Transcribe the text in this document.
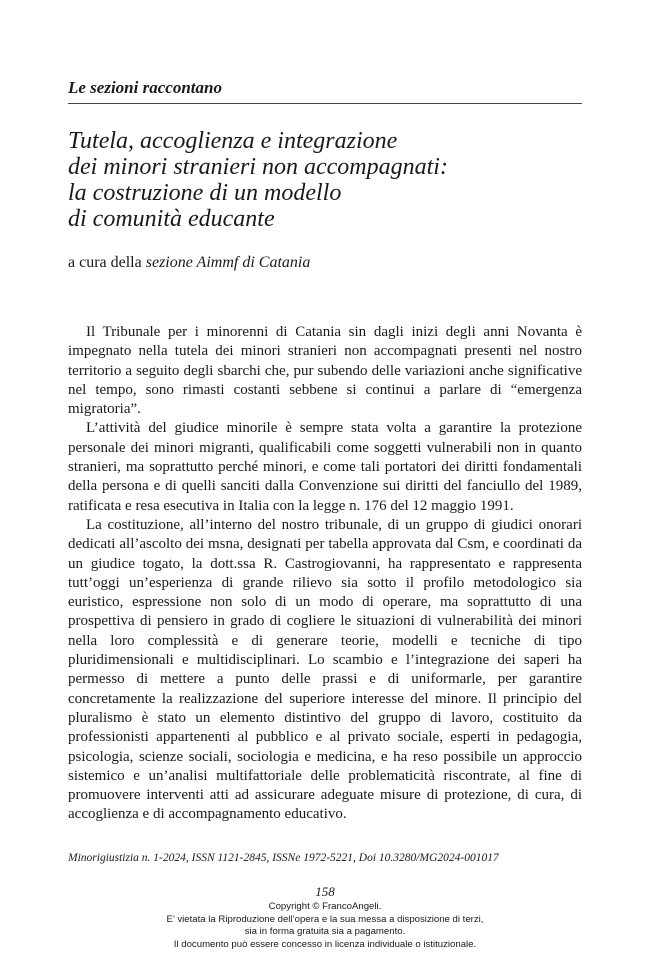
Le sezioni raccontano
Tutela, accoglienza e integrazione
dei minori stranieri non accompagnati:
la costruzione di un modello
di comunità educante

a cura della sezione Aimmf di Catania

Il Tribunale per i minorenni di Catania sin dagli inizi degli anni Novanta è impegnato nella tutela dei minori stranieri non accompagnati presenti nel nostro territorio a seguito degli sbarchi che, pur subendo delle variazioni anche significative nel tempo, sono rimasti costanti sebbene si continui a parlare di “emergenza migratoria”.

L’attività del giudice minorile è sempre stata volta a garantire la protezione personale dei minori migranti, qualificabili come soggetti vulnerabili non in quanto stranieri, ma soprattutto perché minori, e come tali portatori dei diritti fondamentali della persona e di quelli sanciti dalla Convenzione sui diritti del fanciullo del 1989, ratificata e resa esecutiva in Italia con la legge n. 176 del 12 maggio 1991.

La costituzione, all’interno del nostro tribunale, di un gruppo di giudici onorari dedicati all’ascolto dei msna, designati per tabella approvata dal Csm, e coordinati da un giudice togato, la dott.ssa R. Castrogiovanni, ha rappresentato e rappresenta tutt’oggi un’esperienza di grande rilievo sia sotto il profilo metodologico sia euristico, espressione non solo di un modo di operare, ma soprattutto di una prospettiva di pensiero in grado di cogliere le situazioni di vulnerabilità dei minori nella loro complessità e di generare teorie, modelli e tecniche di tipo pluridimensionali e multidisciplinari. Lo scambio e l’integrazione dei saperi ha permesso di mettere a punto delle prassi e di uniformarle, per garantire concretamente la realizzazione del superiore interesse del minore. Il principio del pluralismo è stato un elemento distintivo del gruppo di lavoro, costituito da professionisti appartenenti al pubblico e al privato sociale, esperti in pedagogia, psicologia, scienze sociali, sociologia e medicina, e ha reso possibile un approccio sistemico e un’analisi multifattoriale delle problematicità riscontrate, al fine di promuovere interventi atti ad assicurare adeguate misure di protezione, di cura, di accoglienza e di accompagnamento educativo.

Minorigiustizia n. 1-2024, ISSN 1121-2845, ISSNe 1972-5221, Doi 10.3280/MG2024-001017

158
Copyright © FrancoAngeli.
E’ vietata la Riproduzione dell’opera e la sua messa a disposizione di terzi,
sia in forma gratuita sia a pagamento.
Il documento può essere concesso in licenza individuale o istituzionale.
